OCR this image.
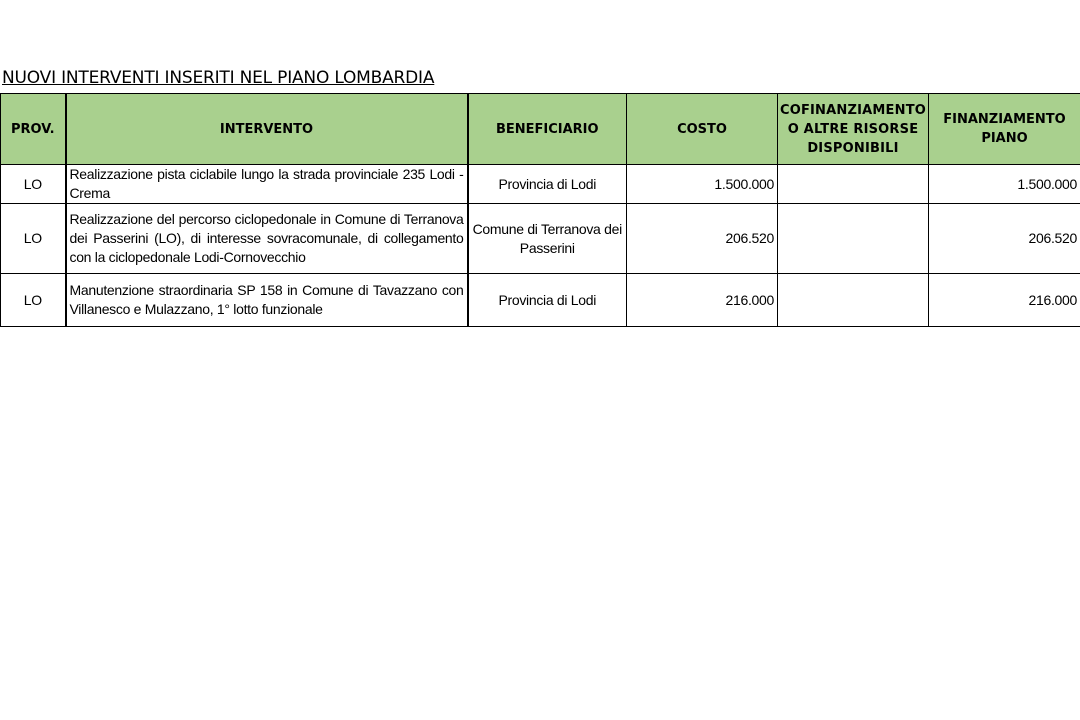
NUOVI INTERVENTI INSERITI NEL PIANO LOMBARDIA
PROV.	INTERVENTO	BENEFICIARIO	COSTO	COFINANZIAMENTO O ALTRE RISORSE DISPONIBILI	FINANZIAMENTO PIANO
LO	Realizzazione pista ciclabile lungo la strada provinciale 235 Lodi - Crema	Provincia di Lodi	1.500.000		1.500.000
LO	Realizzazione del percorso ciclopedonale in Comune di Terranova dei Passerini (LO), di interesse sovracomunale, di collegamento con la ciclopedonale Lodi-Cornovecchio	Comune di Terranova dei Passerini	206.520		206.520
LO	Manutenzione straordinaria SP 158 in Comune di Tavazzano con Villanesco e Mulazzano, 1° lotto funzionale	Provincia di Lodi	216.000		216.000
